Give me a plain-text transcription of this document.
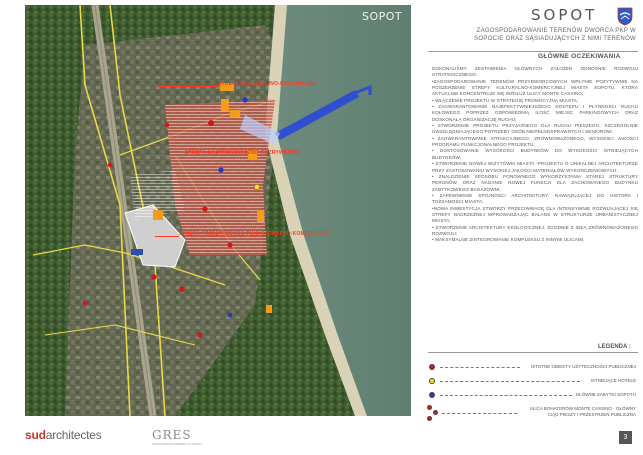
SOPOT
STREFA KOMERCYJNO-KULTURALNA
STREFA GASTRONOMICZNO-ROZRYWKOWA
STREFA PRZESTRZENNO-FUNKCJONALNO-KOMERCYJNA
SOPOT
ZAGOSPODAROWANIE TERENÓW DWORCA PKP W SOPOCIE ORAZ SĄSIADUJĄCYCH Z NIMI TERENÓW
GŁÓWNE OCZEKIWANIA

DOKONALIŚMY ZESTAWIENIA GŁÓWNYCH ZAŁOŻEŃ ODNOŚNIE ROZWOJU STRATEGICZNEGO:

•ZAGOSPODAROWANIE TERENÓW PRZYDWORCOWYCH WPŁYNIE POZYTYWNIE NA POSZERZENIE STREFY KULTURALNO-KOMERCYJNEJ MIASTA SOPOTU, KTÓRA AKTUALNIE KONCENTRUJE SIĘ WZDŁUŻ ULICY MONTE CASSINO;

• WŁĄCZENIE PROJEKTU W STRATEGIĘ PROMOCYJNĄ MIASTA;

• ZAGWARANTOWANIE NAJEFEKTYWNIEJSZEGO DOSTĘPU I PŁYNNOŚCI RUCHU KOŁOWEGO POPRZEZ ODPOWIEDNIĄ ILOŚĆ MIEJSC PARKINGOWYCH ORAZ DOSKONAŁĄ ORGANIZACJĘ RUCHU;

• STWORZENIE PROJEKTU PRZYJAZNEGO DLA RUCHU PIESZEGO, SZCZEGÓLNIE UWZGLĘDNIAJĄCEGO POTRZEBY OSÓB NIEPEŁNOSPRAWNYCH I SENIORÓW;

• ZAGWARANTOWANIE ATRAKCYJNEGO, ZRÓWNOWAŻONEGO, WYSOKIEJ JAKOŚCI PROGRAMU FUNKCJONALNEGO PROJEKTU;

• DOSTOSOWANIE WYSOKOŚCI BUDYNKÓW DO WYSOKOŚCI ISTNIEJĄCYCH BUDYNKÓW;

• STWORZENIE NOWEJ WIZYTÓWKI MIASTA -PROJEKTU O UNIKALNEJ ARCHITEKTURZE PRZY ZASTOSOWANIU WYSOKIEJ JAKOŚCI MATERIAŁÓW WYKOŃCZENIOWYCH;

• ZNALEZIENIE SPOSOBU PONOWNEGO WYKORZYSTANIA STAREJ STRUKTURY PERONÓW ORAZ NADANIE NOWEJ FUNKCJI DLA ZACHOWANEGO BUDYNKU ZABYTKOWEGO BAGAŻOWNI;

• ZAPEWNIENIE SPÓJNOŚCI ARCHITEKTURY, NAWIĄZUJĄCEJ DO HISTORII I TOŻSAMOŚCI MIASTA;

•NOWA INWESTYCJA STWORZY PRZECIWWAGĘ DLA INTENSYWNIE ROZWIJAJĄCEJ SIĘ STREFY NADRZEŻNEJ WPROWADZAJĄC BALANS W STRUKTURZE URBANISTYCZNEJ MIASTA;

• STWORZENIE ARCHITEKTURY EKOLOGICZNEJ, ZGODNIE Z IDEĄ ZRÓWNOWAŻONEGO ROZWOJU;

• MAKSYMALNE ZINTEGROWANIE KOMPLEKSU Z INNYMI ULICAMI;

LEGENDA :
ISTOTNE OBIEKTY UŻYTECZNOŚCI PUBLICZNEJ
ISTNIEJĄCE HOTELE
GŁÓWNE ZABYTKI SOPOTU
ULICA BOHATERÓW MONTE CASSINO - GŁÓWNY CIĄG PIESZY I PRZESTRZEŃ PUBLICZNA
sudarchitectes	GRES
GRUPA ROZWOJU ENERGETYKI SOPOTU
3
